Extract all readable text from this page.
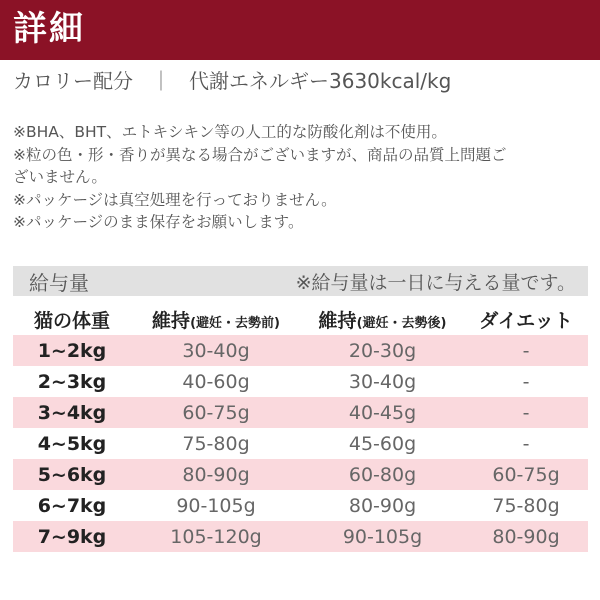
詳細
カロリー配分 ｜ 代謝エネルギー3630kcal/kg
※BHA、BHT、エトキシキン等の人工的な防酸化剤は不使用。
※粒の色・形・香りが異なる場合がございますが、商品の品質上問題ご
ざいません。
※パッケージは真空処理を行っておりません。
※パッケージのまま保存をお願いします。
給与量	※給与量は一日に与える量です。
猫の体重	維持(避妊・去勢前)	維持(避妊・去勢後)	ダイエット
1~2kg	30-40g	20-30g	-
2~3kg	40-60g	30-40g	-
3~4kg	60-75g	40-45g	-
4~5kg	75-80g	45-60g	-
5~6kg	80-90g	60-80g	60-75g
6~7kg	90-105g	80-90g	75-80g
7~9kg	105-120g	90-105g	80-90g
